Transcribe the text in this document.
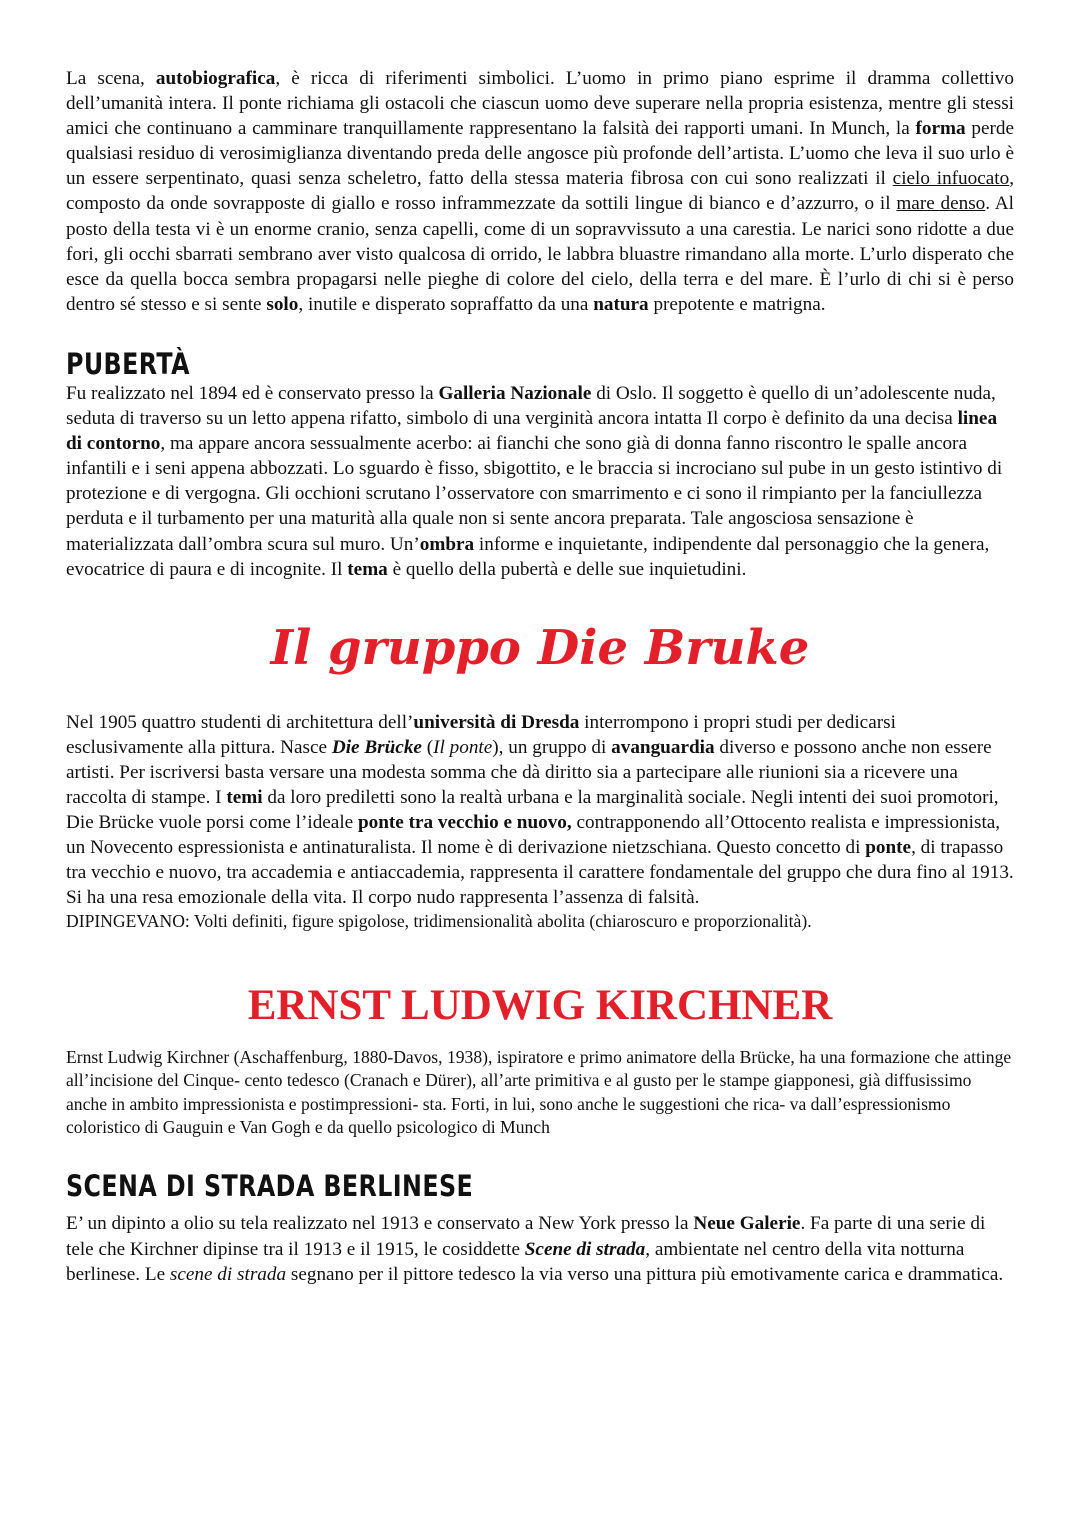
La scena, autobiografica, è ricca di riferimenti simbolici. L’uomo in primo piano esprime il dramma collettivo dell’umanità intera. Il ponte richiama gli ostacoli che ciascun uomo deve superare nella propria esistenza, mentre gli stessi amici che continuano a camminare tranquillamente rappresentano la falsità dei rapporti umani. In Munch, la forma perde qualsiasi residuo di verosimiglianza diventando preda delle angosce più profonde dell’artista. L’uomo che leva il suo urlo è un essere serpentinato, quasi senza scheletro, fatto della stessa materia fibrosa con cui sono realizzati il cielo infuocato, composto da onde sovrapposte di giallo e rosso inframmezzate da sottili lingue di bianco e d’azzurro, o il mare denso. Al posto della testa vi è un enorme cranio, senza capelli, come di un sopravvissuto a una carestia. Le narici sono ridotte a due fori, gli occhi sbarrati sembrano aver visto qualcosa di orrido, le labbra bluastre rimandano alla morte. L’urlo disperato che esce da quella bocca sembra propagarsi nelle pieghe di colore del cielo, della terra e del mare. È l’urlo di chi si è perso dentro sé stesso e si sente solo, inutile e disperato sopraffatto da una natura prepotente e matrigna.

PUBERTÀ

Fu realizzato nel 1894 ed è conservato presso la Galleria Nazionale di Oslo. Il soggetto è quello di un’adolescente nuda, seduta di traverso su un letto appena rifatto, simbolo di una verginità ancora intatta Il corpo è definito da una decisa linea di contorno, ma appare ancora sessualmente acerbo: ai fianchi che sono già di donna fanno riscontro le spalle ancora infantili e i seni appena abbozzati. Lo sguardo è fisso, sbigottito, e le braccia si incrociano sul pube in un gesto istintivo di protezione e di vergogna. Gli occhioni scrutano l’osservatore con smarrimento e ci sono il rimpianto per la fanciullezza perduta e il turbamento per una maturità alla quale non si sente ancora preparata. Tale angosciosa sensazione è materializzata dall’ombra scura sul muro. Un’ombra informe e inquietante, indipendente dal personaggio che la genera, evocatrice di paura e di incognite. Il tema è quello della pubertà e delle sue inquietudini.

Il gruppo Die Bruke

Nel 1905 quattro studenti di architettura dell’università di Dresda interrompono i propri studi per dedicarsi esclusivamente alla pittura. Nasce Die Brücke (Il ponte), un gruppo di avanguardia diverso e possono anche non essere artisti. Per iscriversi basta versare una modesta somma che dà diritto sia a partecipare alle riunioni sia a ricevere una raccolta di stampe. I temi da loro prediletti sono la realtà urbana e la marginalità sociale. Negli intenti dei suoi promotori, Die Brücke vuole porsi come l’ideale ponte tra vecchio e nuovo, contrapponendo all’Ottocento realista e impressionista, un Novecento espressionista e antinaturalista. Il nome è di derivazione nietzschiana. Questo concetto di ponte, di trapasso tra vecchio e nuovo, tra accademia e antiaccademia, rappresenta il carattere fondamentale del gruppo che dura fino al 1913.

Si ha una resa emozionale della vita. Il corpo nudo rappresenta l’assenza di falsità.

DIPINGEVANO: Volti definiti, figure spigolose, tridimensionalità abolita (chiaroscuro e proporzionalità).

ERNST LUDWIG KIRCHNER

Ernst Ludwig Kirchner (Aschaffenburg, 1880-Davos, 1938), ispiratore e primo animatore della Brücke, ha una formazione che attinge all’incisione del Cinque- cento tedesco (Cranach e Dürer), all’arte primitiva e al gusto per le stampe giapponesi, già diffusissimo anche in ambito impressionista e postimpressioni- sta. Forti, in lui, sono anche le suggestioni che rica- va dall’espressionismo coloristico di Gauguin e Van Gogh e da quello psicologico di Munch

SCENA DI STRADA BERLINESE

E’ un dipinto a olio su tela realizzato nel 1913 e conservato a New York presso la Neue Galerie. Fa parte di una serie di tele che Kirchner dipinse tra il 1913 e il 1915, le cosiddette Scene di strada, ambientate nel centro della vita notturna berlinese. Le scene di strada segnano per il pittore tedesco la via verso una pittura più emotivamente carica e drammatica.
